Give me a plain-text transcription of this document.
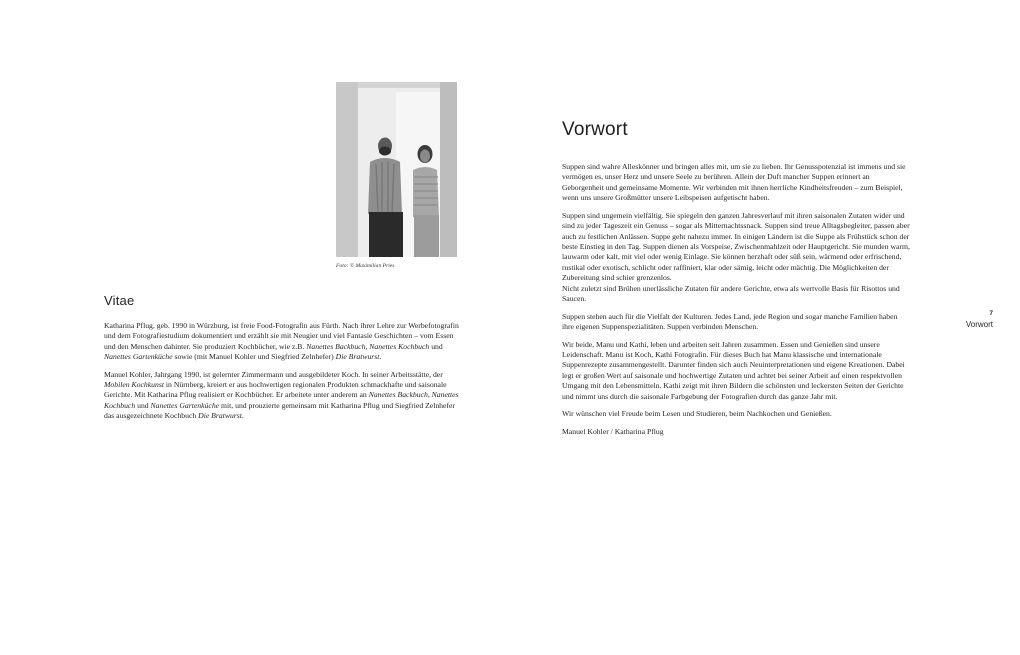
Foto: © Maximilian Pries
Vitae

Katharina Pflug, geb. 1990 in Würzburg, ist freie Food-Fotografin aus Fürth. Nach ihrer Lehre zur Werbefotografin und dem Fotografiestudium dokumentiert und erzählt sie mit Neugier und viel Fantasie Geschichten – vom Essen und den Menschen dahinter. Sie produziert Kochbücher, wie z.B. Nanettes Backbuch, Nanettes Kochbuch und Nanettes Gartenküche sowie (mit Manuel Kohler und Siegfried Zelnhefer) Die Bratwurst.

Manuel Kohler, Jahrgang 1990, ist gelernter Zimmermann und ausgebildeter Koch. In seiner Arbeitsstätte, der Mobilen Kochkunst in Nürnberg, kreiert er aus hochwertigen regionalen Produkten schmackhafte und saisonale Gerichte. Mit Katharina Pflug realisiert er Kochbücher. Er arbeitete unter anderem an Nanettes Backbuch, Nanettes Kochbuch und Nanettes Gartenküche mit, und prouzierte gemeinsam mit Katharina Pflug und Siegfried Zelnhefer das ausgezeichnete Kochbuch Die Bratwurst.

Vorwort

Suppen sind wahre Alleskönner und bringen alles mit, um sie zu lieben. Ihr Genusspotenzial ist immens und sie vermögen es, unser Herz und unsere Seele zu berühren. Allein der Duft mancher Suppen erinnert an Geborgenheit und gemeinsame Momente. Wir verbinden mit ihnen herrliche Kindheitsfreuden – zum Beispiel, wenn uns unsere Großmütter unsere Leibspeisen aufgetischt haben.

Suppen sind ungemein vielfältig. Sie spiegeln den ganzen Jahresverlauf mit ihren saisonalen Zutaten wider und sind zu jeder Tageszeit ein Genuss – sogar als Mitternachtssnack. Suppen sind treue Alltagsbegleiter, passen aber auch zu festlichen Anlässen. Suppe geht nahezu immer. In einigen Ländern ist die Suppe als Frühstück schon der beste Einstieg in den Tag. Suppen dienen als Vorspeise, Zwischenmahlzeit oder Hauptgericht. Sie munden warm, lauwarm oder kalt, mit viel oder wenig Einlage. Sie können herzhaft oder süß sein, wärmend oder erfrischend, rustikal oder exotisch, schlicht oder raffiniert, klar oder sämig, leicht oder mächtig. Die Möglichkeiten der Zubereitung sind schier grenzenlos.
Nicht zuletzt sind Brühen unerlässliche Zutaten für andere Gerichte, etwa als wertvolle Basis für Risottos und Saucen.

Suppen stehen auch für die Vielfalt der Kulturen. Jedes Land, jede Region und sogar manche Familien haben ihre eigenen Suppenspezialitäten. Suppen verbinden Menschen.

Wir beide, Manu und Kathi, leben und arbeiten seit Jahren zusammen. Essen und Genießen sind unsere Leidenschaft. Manu ist Koch, Kathi Fotografin. Für dieses Buch hat Manu klassische und internationale Suppenrezepte zusammengestellt. Darunter finden sich auch Neuinterpretationen und eigene Kreationen. Dabei legt er großen Wert auf saisonale und hochwertige Zutaten und achtet bei seiner Arbeit auf einen respektvollen Umgang mit den Lebensmitteln. Kathi zeigt mit ihren Bildern die schönsten und leckersten Seiten der Gerichte und nimmt uns durch die saisonale Farbgebung der Fotografien durch das ganze Jahr mit.

Wir wünschen viel Freude beim Lesen und Studieren, beim Nachkochen und Genießen.

Manuel Kohler / Katharina Pflug

7
Vorwort
